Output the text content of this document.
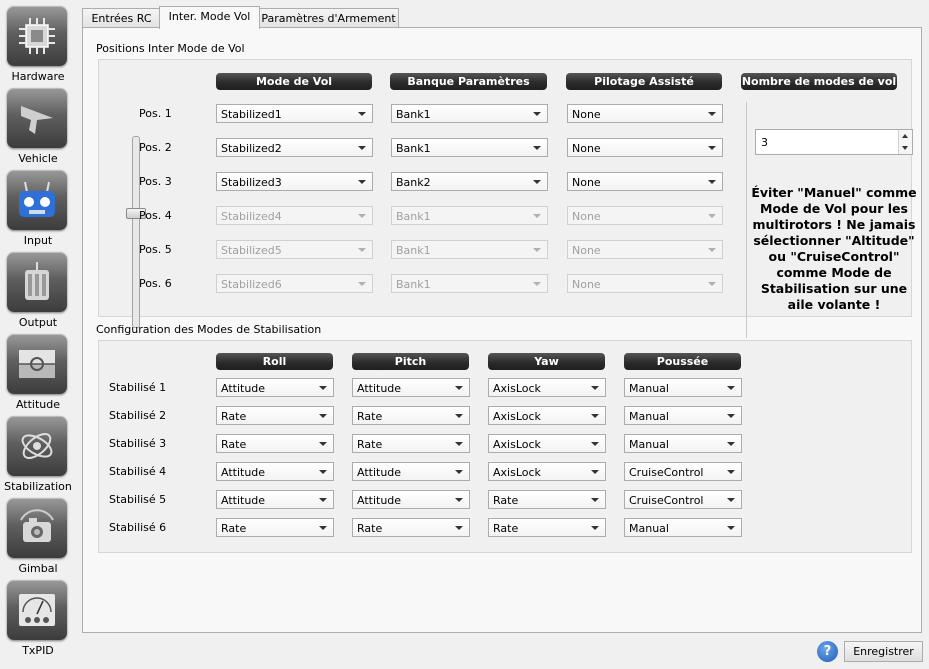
Hardware
Vehicle
Input
Output
Attitude
Stabilization
Gimbal
TxPID
Entrées RC	Inter. Mode Vol Paramètres d'Armement
Positions Inter Mode de Vol
Mode de Vol	Banque Paramètres	Pilotage Assisté	Nombre de modes de vol
Pos. 1	Stabilized1	Bank1	None
Pos. 2	Stabilized2	Bank1	None
Pos. 3	Stabilized3	Bank2	None
Pos. 4	Stabilized4	Bank1	None
Pos. 5	Stabilized5	Bank1	None
Pos. 6	Stabilized6	Bank1	None
3
Éviter "Manuel" comme Mode de Vol pour les multirotors ! Ne jamais sélectionner "Altitude" ou "CruiseControl" comme Mode de Stabilisation sur une aile volante !
Configuration des Modes de Stabilisation
Roll	Pitch	Yaw	Poussée
Stabilisé 1	Attitude	Attitude	AxisLock	Manual
Stabilisé 2	Rate	Rate	AxisLock	Manual
Stabilisé 3	Rate	Rate	AxisLock	Manual
Stabilisé 4	Attitude	Attitude	AxisLock	CruiseControl
Stabilisé 5	Attitude	Attitude	Rate	CruiseControl
Stabilisé 6	Rate	Rate	Rate	Manual
?	Enregistrer
